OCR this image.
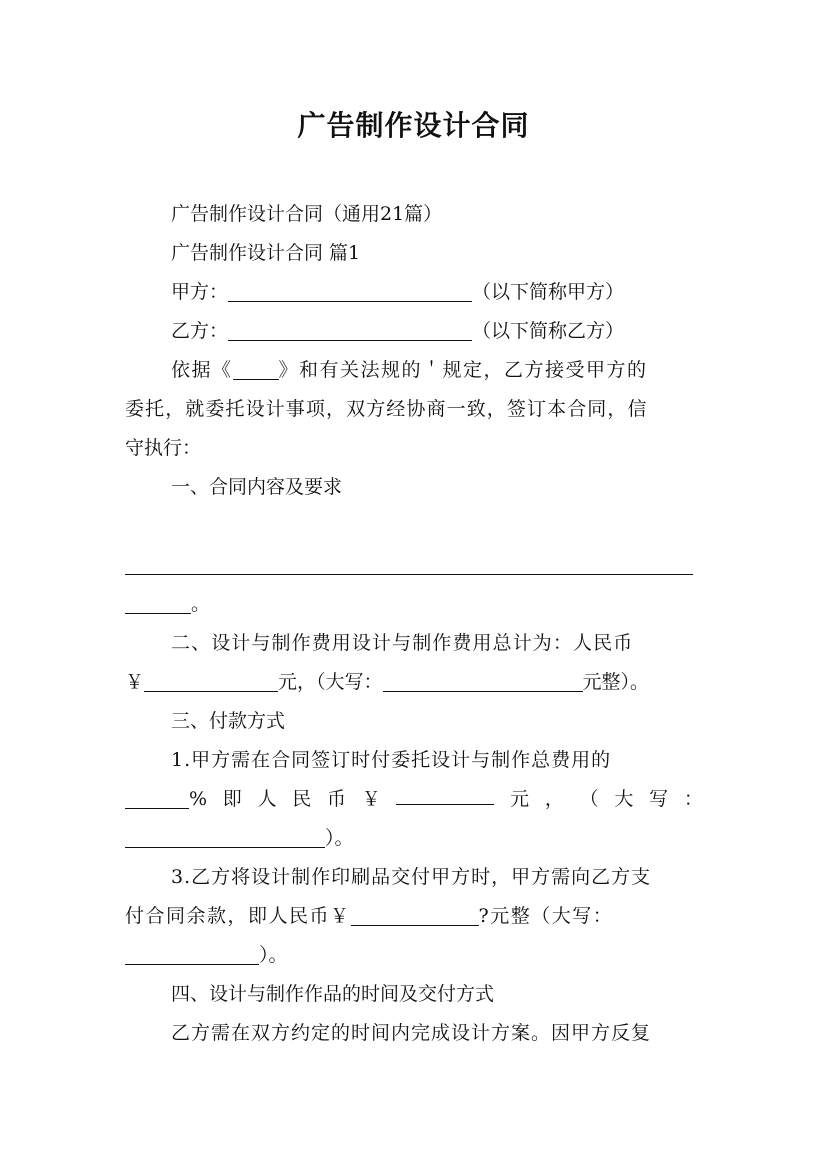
广告制作设计合同

广告制作设计合同（通用21篇）

广告制作设计合同 篇1

甲方：	（以下简称甲方）

乙方：	（以下简称乙方）

依据《 》和有关法规的＇规定，乙方接受甲方的

委托，就委托设计事项，双方经协商一致，签订本合同，信

守执行：

一、合同内容及要求

。

二、设计与制作费用设计与制作费用总计为：人民币

￥	元，（大写：	元整）。

三、付款方式

1.甲方需在合同签订时付委托设计与制作总费用的

% 即 人 民 币 ￥	元 ， （ 大 写 ：

）。

3.乙方将设计制作印刷品交付甲方时，甲方需向乙方支

付合同余款，即人民币￥	?元整（大写：

）。

四、设计与制作作品的时间及交付方式

乙方需在双方约定的时间内完成设计方案。因甲方反复
